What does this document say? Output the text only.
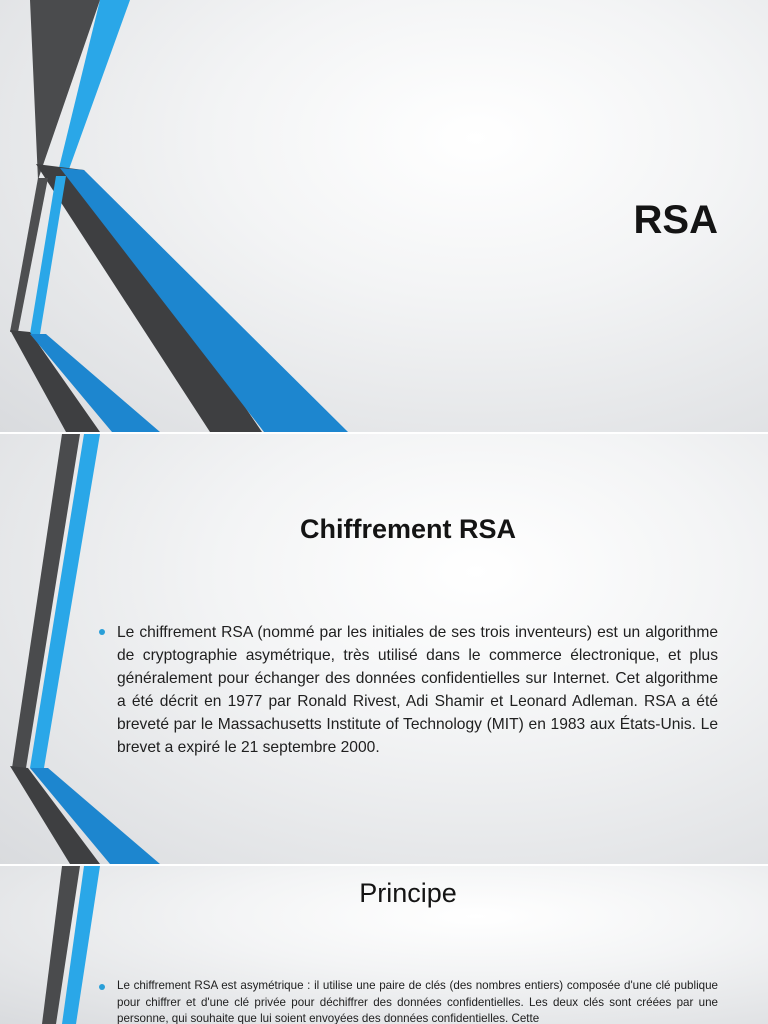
RSA
Chiffrement RSA
Le chiffrement RSA (nommé par les initiales de ses trois inventeurs) est un algorithme de cryptographie asymétrique, très utilisé dans le commerce électronique, et plus généralement pour échanger des données confidentielles sur Internet. Cet algorithme a été décrit en 1977 par Ronald Rivest, Adi Shamir et Leonard Adleman. RSA a été breveté par le Massachusetts Institute of Technology (MIT) en 1983 aux États-Unis. Le brevet a expiré le 21 septembre 2000.
Principe
Le chiffrement RSA est asymétrique : il utilise une paire de clés (des nombres entiers) composée d'une clé publique pour chiffrer et d'une clé privée pour déchiffrer des données confidentielles. Les deux clés sont créées par une personne, qui souhaite que lui soient envoyées des données confidentielles. Cette
